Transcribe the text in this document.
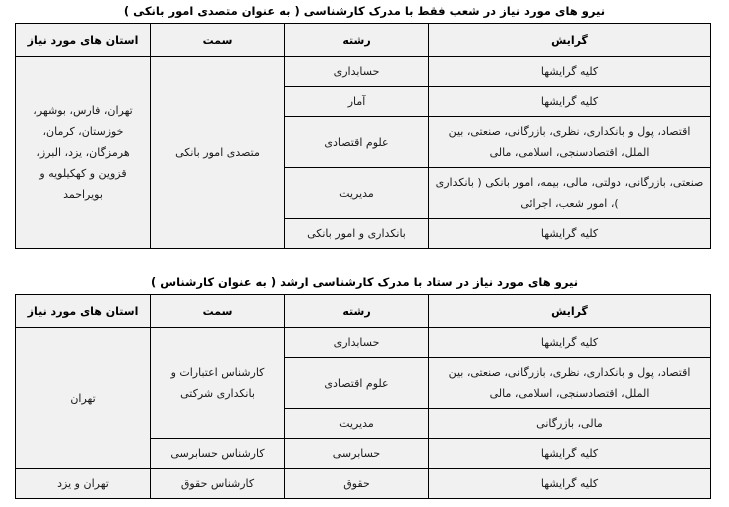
نیرو های مورد نیاز در شعب فقط با مدرک کارشناسی ( به عنوان متصدی امور بانکی )
گرایش	رشته	سمت	استان های مورد نیاز
کلیه گرایشها	حسابداری	متصدی امور بانکی	تهران، فارس، بوشهر، خوزستان، کرمان، هرمزگان، یزد، البرز، قزوین و کهکیلویه و بویراحمد
کلیه گرایشها	آمار		
اقتصاد، پول و بانکداری، نظری، بازرگانی، صنعتی، بین الملل، اقتصادسنجی، اسلامی، مالی	علوم اقتصادی		
صنعتی، بازرگانی، دولتی، مالی، بیمه، امور بانکی ( بانکداری )، امور شعب، اجرائی	مدیریت		
کلیه گرایشها	بانکداری و امور بانکی		
نیرو های مورد نیاز در ستاد با مدرک کارشناسی ارشد ( به عنوان کارشناس )
گرایش	رشته	سمت	استان های مورد نیاز
کلیه گرایشها	حسابداری	کارشناس اعتبارات و بانکداری شرکتی	تهران
اقتصاد، پول و بانکداری، نظری، بازرگانی، صنعتی، بین الملل، اقتصادسنجی، اسلامی، مالی	علوم اقتصادی		
مالی، بازرگانی	مدیریت		
کلیه گرایشها	حسابرسی	کارشناس حسابرسی	
کلیه گرایشها	حقوق	کارشناس حقوق	تهران و یزد
